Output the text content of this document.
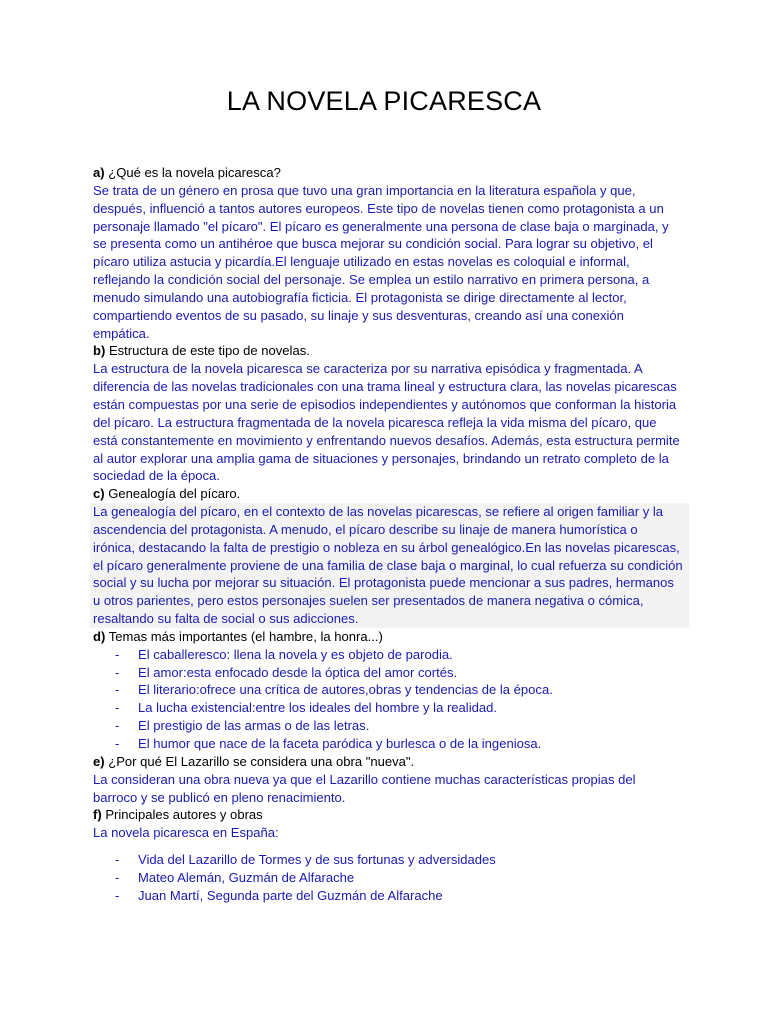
LA NOVELA PICARESCA
a) ¿Qué es la novela picaresca?
Se trata de un género en prosa que tuvo una gran importancia en la literatura española y que, después, influenció a tantos autores europeos. Este tipo de novelas tienen como protagonista a un personaje llamado "el pícaro". El pícaro es generalmente una persona de clase baja o marginada, y se presenta como un antihéroe que busca mejorar su condición social. Para lograr su objetivo, el pícaro utiliza astucia y picardía.El lenguaje utilizado en estas novelas es coloquial e informal, reflejando la condición social del personaje. Se emplea un estilo narrativo en primera persona, a menudo simulando una autobiografía ficticia. El protagonista se dirige directamente al lector, compartiendo eventos de su pasado, su linaje y sus desventuras, creando así una conexión empática.
b) Estructura de este tipo de novelas.
La estructura de la novela picaresca se caracteriza por su narrativa episódica y fragmentada. A diferencia de las novelas tradicionales con una trama lineal y estructura clara, las novelas picarescas están compuestas por una serie de episodios independientes y autónomos que conforman la historia del pícaro. La estructura fragmentada de la novela picaresca refleja la vida misma del pícaro, que está constantemente en movimiento y enfrentando nuevos desafíos. Además, esta estructura permite al autor explorar una amplia gama de situaciones y personajes, brindando un retrato completo de la sociedad de la época.
c) Genealogía del pícaro.
La genealogía del pícaro, en el contexto de las novelas picarescas, se refiere al origen familiar y la ascendencia del protagonista. A menudo, el pícaro describe su linaje de manera humorística o irónica, destacando la falta de prestigio o nobleza en su árbol genealógico.En las novelas picarescas, el pícaro generalmente proviene de una familia de clase baja o marginal, lo cual refuerza su condición social y su lucha por mejorar su situación. El protagonista puede mencionar a sus padres, hermanos u otros parientes, pero estos personajes suelen ser presentados de manera negativa o cómica, resaltando su falta de social o sus adicciones.
d) Temas más importantes (el hambre, la honra...)
- El caballeresco: llena la novela y es objeto de parodia.
- El amor:esta enfocado desde la óptica del amor cortés.
- El literario:ofrece una crítica de autores,obras y tendencias de la época.
- La lucha existencial:entre los ideales del hombre y la realidad.
- El prestigio de las armas o de las letras.
- El humor que nace de la faceta paródica y burlesca o de la ingeniosa.
e) ¿Por qué El Lazarillo se considera una obra "nueva".
La consideran una obra nueva ya que el Lazarillo contiene muchas características propias del barroco y se publicó en pleno renacimiento.
f) Principales autores y obras
La novela picaresca en España:
- Vida del Lazarillo de Tormes y de sus fortunas y adversidades
- Mateo Alemán, Guzmán de Alfarache
- Juan Martí, Segunda parte del Guzmán de Alfarache
